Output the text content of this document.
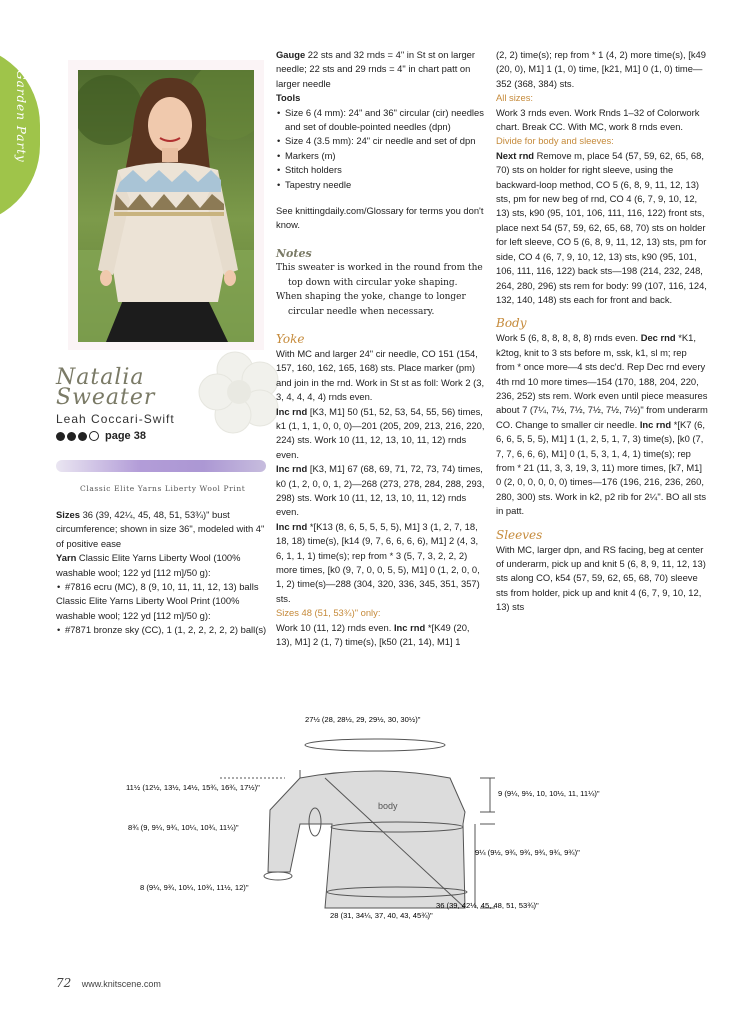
Garden Party
Natalia
Sweater
Leah Coccari-Swift
page 38
Classic Elite Yarns Liberty Wool Print

Sizes 36 (39, 42¼, 45, 48, 51, 53¾)" bust circumference; shown in size 36", modeled with 4" of positive ease

Yarn Classic Elite Yarns Liberty Wool (100% washable wool; 122 yd [112 m]/50 g):

• #7816 ecru (MC), 8 (9, 10, 11, 11, 12, 13) balls

Classic Elite Yarns Liberty Wool Print (100% washable wool; 122 yd [112 m]/50 g):

• #7871 bronze sky (CC), 1 (1, 2, 2, 2, 2, 2) ball(s)

Gauge 22 sts and 32 rnds = 4" in St st on larger needle; 22 sts and 29 rnds = 4" in chart patt on larger needle

Tools

• Size 6 (4 mm): 24" and 36" circular (cir) needles and set of double-pointed needles (dpn)
• Size 4 (3.5 mm): 24" cir needle and set of dpn
• Markers (m)
• Stitch holders
• Tapestry needle

See knittingdaily.com/Glossary for terms you don't know.

Notes

This sweater is worked in the round from the top down with circular yoke shaping.

When shaping the yoke, change to longer circular needle when necessary.

Yoke

With MC and larger 24" cir needle, CO 151 (154, 157, 160, 162, 165, 168) sts. Place marker (pm) and join in the rnd. Work in St st as foll: Work 2 (3, 3, 4, 4, 4, 4) rnds even.

Inc rnd [K3, M1] 50 (51, 52, 53, 54, 55, 56) times, k1 (1, 1, 1, 0, 0, 0)—201 (205, 209, 213, 216, 220, 224) sts. Work 10 (11, 12, 13, 10, 11, 12) rnds even.

Inc rnd [K3, M1] 67 (68, 69, 71, 72, 73, 74) times, k0 (1, 2, 0, 0, 1, 2)—268 (273, 278, 284, 288, 293, 298) sts. Work 10 (11, 12, 13, 10, 11, 12) rnds even.

Inc rnd *[K13 (8, 6, 5, 5, 5, 5), M1] 3 (1, 2, 7, 18, 18, 18) time(s), [k14 (9, 7, 6, 6, 6, 6), M1] 2 (4, 3, 6, 1, 1, 1) time(s); rep from * 3 (5, 7, 3, 2, 2, 2) more times, [k0 (9, 7, 0, 0, 5, 5), M1] 0 (1, 2, 0, 0, 1, 2) time(s)—288 (304, 320, 336, 345, 351, 357) sts.

Sizes 48 (51, 53¾)" only:

Work 10 (11, 12) rnds even. Inc rnd *[K49 (20, 13), M1] 2 (1, 7) time(s), [k50 (21, 14), M1] 1

(2, 2) time(s); rep from * 1 (4, 2) more time(s), [k49 (20, 0), M1] 1 (1, 0) time, [k21, M1] 0 (1, 0) time—352 (368, 384) sts.

All sizes:

Work 3 rnds even. Work Rnds 1–32 of Colorwork chart. Break CC. With MC, work 8 rnds even. Divide for body and sleeves:

Next rnd Remove m, place 54 (57, 59, 62, 65, 68, 70) sts on holder for right sleeve, using the backward-loop method, CO 5 (6, 8, 9, 11, 12, 13) sts, pm for new beg of rnd, CO 4 (6, 7, 9, 10, 12, 13) sts, k90 (95, 101, 106, 111, 116, 122) front sts, place next 54 (57, 59, 62, 65, 68, 70) sts on holder for left sleeve, CO 5 (6, 8, 9, 11, 12, 13) sts, pm for side, CO 4 (6, 7, 9, 10, 12, 13) sts, k90 (95, 101, 106, 111, 116, 122) back sts—198 (214, 232, 248, 264, 280, 296) sts rem for body: 99 (107, 116, 124, 132, 140, 148) sts each for front and back.

Body

Work 5 (6, 8, 8, 8, 8, 8) rnds even. Dec rnd *K1, k2tog, knit to 3 sts before m, ssk, k1, sl m; rep from * once more—4 sts dec'd. Rep Dec rnd every 4th rnd 10 more times—154 (170, 188, 204, 220, 236, 252) sts rem. Work even until piece measures about 7 (7¼, 7½, 7½, 7½, 7½, 7½)" from underarm CO. Change to smaller cir needle. Inc rnd *[K7 (6, 6, 6, 5, 5, 5), M1] 1 (1, 2, 5, 1, 7, 3) time(s), [k0 (7, 7, 7, 6, 6, 6), M1] 0 (1, 5, 3, 1, 4, 1) time(s); rep from * 21 (11, 3, 3, 19, 3, 11) more times, [k7, M1] 0 (2, 0, 0, 0, 0, 0) times—176 (196, 216, 236, 260, 280, 300) sts. Work in k2, p2 rib for 2¼". BO all sts in patt.

Sleeves

With MC, larger dpn, and RS facing, beg at center of underarm, pick up and knit 5 (6, 8, 9, 11, 12, 13) sts along CO, k54 (57, 59, 62, 65, 68, 70) sleeve sts from holder, pick up and knit 4 (6, 7, 9, 10, 12, 13) sts

27½ (28, 28½, 29, 29½, 30, 30½)"
11½ (12½, 13½, 14½, 15¾, 16¾, 17½)"
8¾ (9, 9¼, 9¾, 10¼, 10¾, 11¼)"
8 (9¼, 9¾, 10¼, 10¾, 11½, 12)"
28 (31, 34¼, 37, 40, 43, 45¾)"
36 (39, 42¼, 45, 48, 51, 53¾)"
9 (9¼, 9½, 10, 10½, 11, 11¼)"
9¼ (9½, 9¾, 9¾, 9¾, 9¾, 9¾)"
body
72 www.knitscene.com
